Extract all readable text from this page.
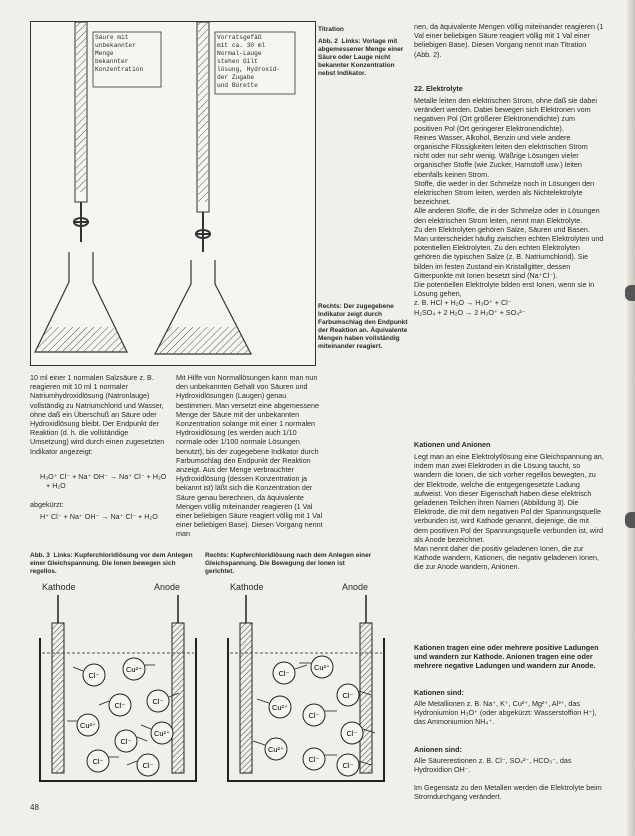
Säure mit
unbekannter
Menge
bekannter
Konzentration
Vorratsgefäß
mit ca. 30 ml
Normal-Lauge
stehen Gilt
lösung, Hydroxid-
der Zugabe
und Bürette
Titration
Abb. 2  Links: Vorlage mit abgemessener Menge einer Säure oder Lauge nicht bekannter Konzentration nebst Indikator.
Rechts: Der zugegebene Indikator zeigt durch Farbumschlag den Endpunkt der Reaktion an. Äquivalente Mengen haben vollständig miteinander reagiert.
nen, da äquivalente Mengen völlig miteinander reagieren (1 Val einer beliebigen Säure reagiert völlig mit 1 Val einer beliebigen Base). Diesen Vorgang nennt man Titration (Abb. 2).
22. Elektrolyte
Metalle leiten den elektrischen Strom, ohne daß sie dabei verändert werden. Dabei bewegen sich Elektronen vom negativen Pol (Ort größerer Elektronendichte) zum positiven Pol (Ort geringerer Elektronendichte).
Reines Wasser, Alkohol, Benzin und viele andere organische Flüssigkeiten leiten den elektrischen Strom nicht oder nur sehr wenig. Wäßrige Lösungen vieler organischer Stoffe (wie Zucker, Harnstoff usw.) leiten ebenfalls keinen Strom.
Stoffe, die weder in der Schmelze noch in Lösungen den elektrischen Strom leiten, werden als Nichtelektrolyte bezeichnet.
Alle anderen Stoffe, die in der Schmelze oder in Lösungen den elektrischen Strom leiten, nennt man Elektrolyte.
Zu den Elektrolyten gehören Salze, Säuren und Basen.
Man unterscheidet häufig zwischen echten Elektrolyten und potentiellen Elektrolyten. Zu den echten Elektrolyten gehören die typischen Salze (z. B. Natriumchlorid). Sie bilden im festen Zustand ein Kristallgitter, dessen Gitterpunkte mit Ionen besetzt sind (Na⁺Cl⁻).
Die potentiellen Elektrolyte bilden erst Ionen, wenn sie in Lösung gehen,
z. B. HCl + H₂O → H₃O⁺ + Cl⁻
H₂SO₄ + 2 H₂O → 2 H₃O⁺ + SO₄²⁻
10 ml einer 1 normalen Salzsäure z. B. reagieren mit 10 ml 1 normaler Natriumhydroxidlösung (Natronlauge) vollständig zu Natriumchlorid und Wasser, ohne daß ein Überschuß an Säure oder Hydroxidlösung bleibt. Der Endpunkt der Reaktion (d. h. die vollständige Umsetzung) wird durch einen zugesetzten Indikator angezeigt:
H₃O⁺ Cl⁻ + Na⁺ OH⁻ → Na⁺ Cl⁻ + H₂O
+ H₂O
abgekürzt:
H⁺ Cl⁻ + Na⁺ OH⁻ → Na⁺ Cl⁻ + H₂O
Mit Hilfe von Normallösungen kann man nun den unbekannten Gehalt von Säuren und Hydroxidlösungen (Laugen) genau bestimmen. Man versetzt eine abgemessene Menge der Säure mit der unbekannten Konzentration solange mit einer 1 normalen Hydroxidlösung (es werden auch 1/10 normale oder 1/100 normale Lösungen benutzt), bis der zugegebene Indikator durch Farbumschlag den Endpunkt der Reaktion anzeigt. Aus der Menge verbrauchter Hydroxidlösung (dessen Konzentration ja bekannt ist) läßt sich die Konzentration der Säure genau berechnen, da äquivalente Mengen völlig miteinander reagieren (1 Val einer beliebigen Säure reagiert völlig mit 1 Val einer beliebigen Base). Diesen Vorgang nennt man
Abb. 3  Links: Kupferchloridlösung vor dem Anlegen einer Gleichspannung. Die Ionen bewegen sich regellos.
Rechts: Kupferchloridlösung nach dem Anlegen einer Gleichspannung. Die Bewegung der Ionen ist gerichtet.
Kathode	Anode
Cl⁻
Cu²⁺
Cl⁻	Cl⁻
Cu²⁺
Cl⁻
Cu²⁺
Cl⁻	Cl⁻
Kathode	Anode
Cl⁻
Cu²⁺
Cl⁻
Cu²⁺
Cl⁻
Cl⁻
Cu²⁺
Cl⁻
Cl⁻
Kationen und Anionen
Legt man an eine Elektrolytlösung eine Gleichspannung an, indem man zwei Elektroden in die Lösung taucht, so wandern die Ionen, die sich vorher regellos bewegten, zu der Elektrode, welche die entgegengesetzte Ladung aufweist. Von dieser Eigenschaft haben diese elektrisch geladenen Teilchen ihren Namen (Abbildung 3). Die Elektrode, die mit dem negativen Pol der Spannungsquelle verbunden ist, wird Kathode genannt, diejenige, die mit dem positiven Pol der Spannungsquelle verbunden ist, wird als Anode bezeichnet.
Man nennt daher die positiv geladenen Ionen, die zur Kathode wandern, Kationen, die negativ geladenen Ionen, die zur Anode wandern, Anionen.
Kationen tragen eine oder mehrere positive Ladungen und wandern zur Kathode. Anionen tragen eine oder mehrere negative Ladungen und wandern zur Anode.
Kationen sind:
Alle Metallionen z. B. Na⁺, K⁺, Cu²⁺, Mg²⁺, Al³⁺, das Hydroniumion H₃O⁺ (oder abgekürzt: Wasserstoffion H⁺), das Ammoniumion NH₄⁺.
Anionen sind:
Alle Säurerestionen z. B. Cl⁻, SO₄²⁻, HCO₃⁻, das Hydroxidion OH⁻.
Im Gegensatz zu den Metallen werden die Elektrolyte beim Stromdurchgang verändert.
48
